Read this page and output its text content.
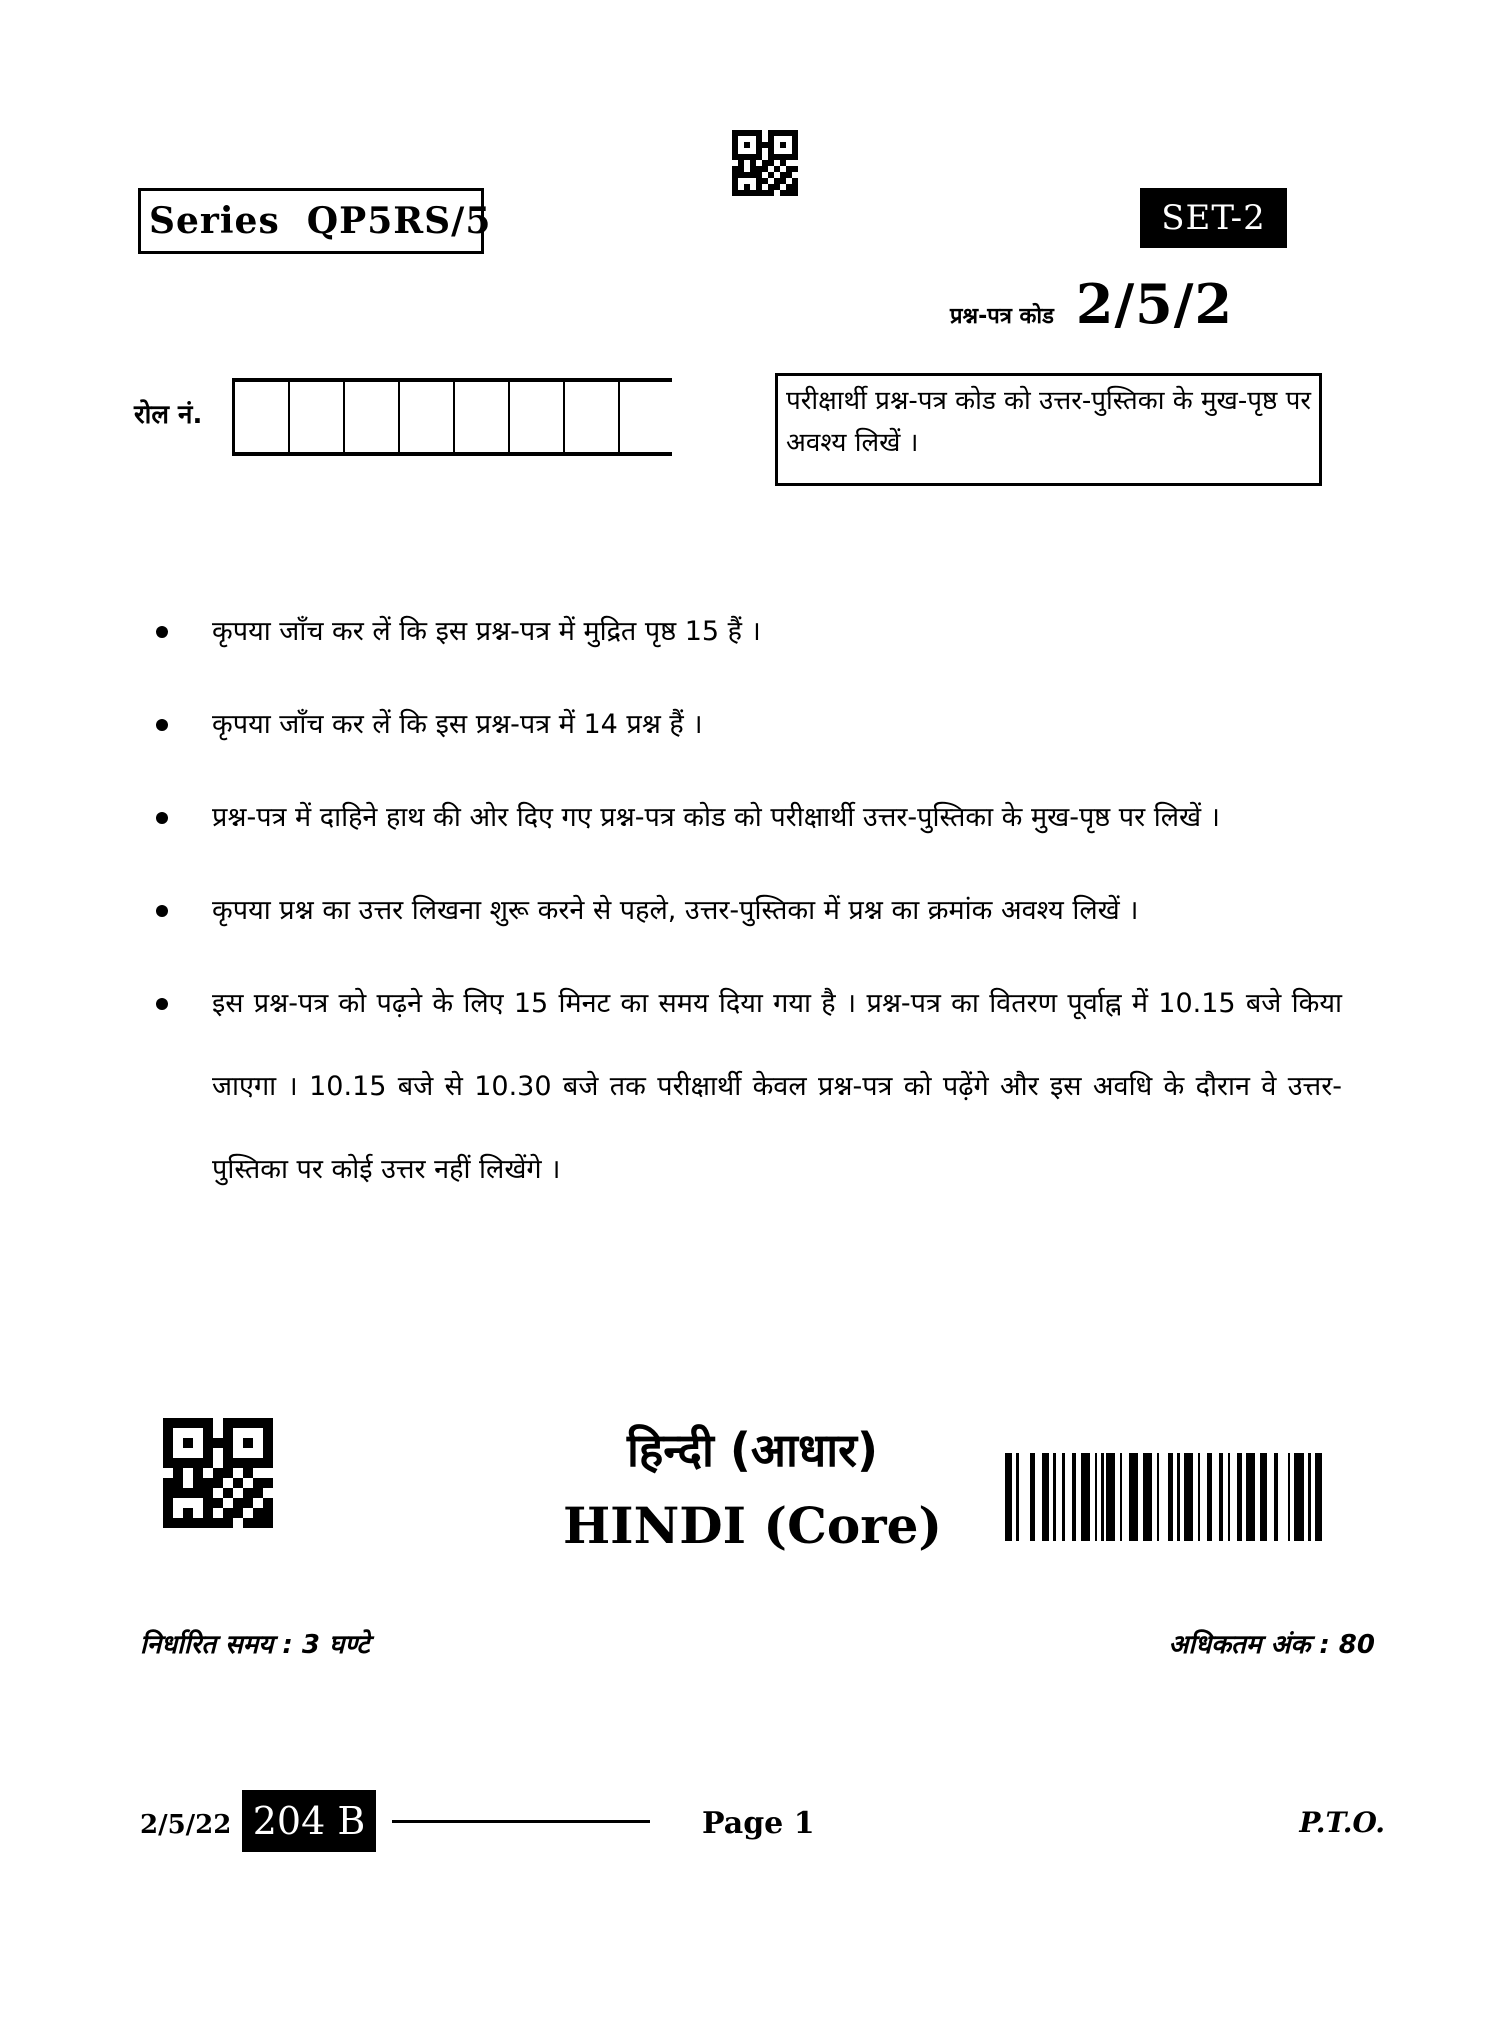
Series  QP5RS/5	SET-2
प्रश्न-पत्र कोड 2/5/2
रोल नं.	परीक्षार्थी प्रश्न-पत्र कोड को उत्तर-पुस्तिका के मुख-पृष्ठ पर अवश्य लिखें ।
कृपया जाँच कर लें कि इस प्रश्न-पत्र में मुद्रित पृष्ठ 15 हैं ।
कृपया जाँच कर लें कि इस प्रश्न-पत्र में 14 प्रश्न हैं ।
प्रश्न-पत्र में दाहिने हाथ की ओर दिए गए प्रश्न-पत्र कोड को परीक्षार्थी उत्तर-पुस्तिका के मुख-पृष्ठ पर लिखें ।
कृपया प्रश्न का उत्तर लिखना शुरू करने से पहले, उत्तर-पुस्तिका में प्रश्न का क्रमांक अवश्य लिखें ।
इस प्रश्न-पत्र को पढ़ने के लिए 15 मिनट का समय दिया गया है । प्रश्न-पत्र का वितरण पूर्वाह्न में 10.15 बजे किया जाएगा । 10.15 बजे से 10.30 बजे तक परीक्षार्थी केवल प्रश्न-पत्र को पढ़ेंगे और इस अवधि के दौरान वे उत्तर-पुस्तिका पर कोई उत्तर नहीं लिखेंगे ।
हिन्दी (आधार)
HINDI (Core)
निर्धारित समय : 3 घण्टे	अधिकतम अंक : 80
2/5/22 204 B	Page 1	P.T.O.
